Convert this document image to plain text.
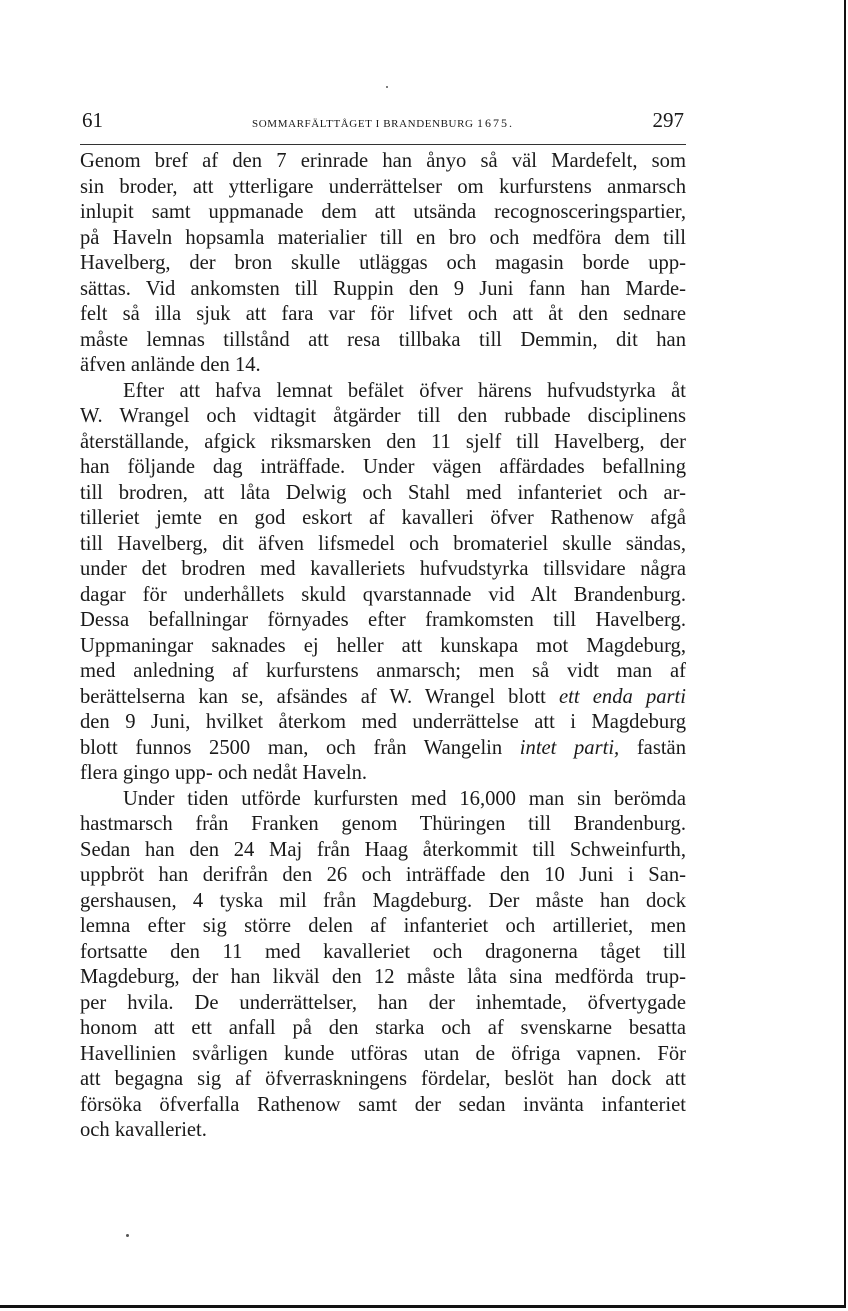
61	SOMMARFÄLTTÅGET I BRANDENBURG 1675.	297
Genom bref af den 7 erinrade han ånyo så väl Mardefelt, som
sin broder, att ytterligare underrättelser om kurfurstens anmarsch
inlupit samt uppmanade dem att utsända recognosceringspartier,
på Haveln hopsamla materialier till en bro och medföra dem till
Havelberg, der bron skulle utläggas och magasin borde upp-
sättas. Vid ankomsten till Ruppin den 9 Juni fann han Marde-
felt så illa sjuk att fara var för lifvet och att åt den sednare
måste lemnas tillstånd att resa tillbaka till Demmin, dit han
äfven anlände den 14.
Efter att hafva lemnat befälet öfver härens hufvudstyrka åt
W. Wrangel och vidtagit åtgärder till den rubbade disciplinens
återställande, afgick riksmarsken den 11 sjelf till Havelberg, der
han följande dag inträffade. Under vägen affärdades befallning
till brodren, att låta Delwig och Stahl med infanteriet och ar-
tilleriet jemte en god eskort af kavalleri öfver Rathenow afgå
till Havelberg, dit äfven lifsmedel och bromateriel skulle sändas,
under det brodren med kavalleriets hufvudstyrka tillsvidare några
dagar för underhållets skuld qvarstannade vid Alt Brandenburg.
Dessa befallningar förnyades efter framkomsten till Havelberg.
Uppmaningar saknades ej heller att kunskapa mot Magdeburg,
med anledning af kurfurstens anmarsch; men så vidt man af
berättelserna kan se, afsändes af W. Wrangel blott ett enda parti
den 9 Juni, hvilket återkom med underrättelse att i Magdeburg
blott funnos 2500 man, och från Wangelin intet parti, fastän
flera gingo upp- och nedåt Haveln.
Under tiden utförde kurfursten med 16,000 man sin berömda
hastmarsch från Franken genom Thüringen till Brandenburg.
Sedan han den 24 Maj från Haag återkommit till Schweinfurth,
uppbröt han derifrån den 26 och inträffade den 10 Juni i San-
gershausen, 4 tyska mil från Magdeburg. Der måste han dock
lemna efter sig större delen af infanteriet och artilleriet, men
fortsatte den 11 med kavalleriet och dragonerna tåget till
Magdeburg, der han likväl den 12 måste låta sina medförda trup-
per hvila. De underrättelser, han der inhemtade, öfvertygade
honom att ett anfall på den starka och af svenskarne besatta
Havellinien svårligen kunde utföras utan de öfriga vapnen. För
att begagna sig af öfverraskningens fördelar, beslöt han dock att
försöka öfverfalla Rathenow samt der sedan invänta infanteriet
och kavalleriet.
